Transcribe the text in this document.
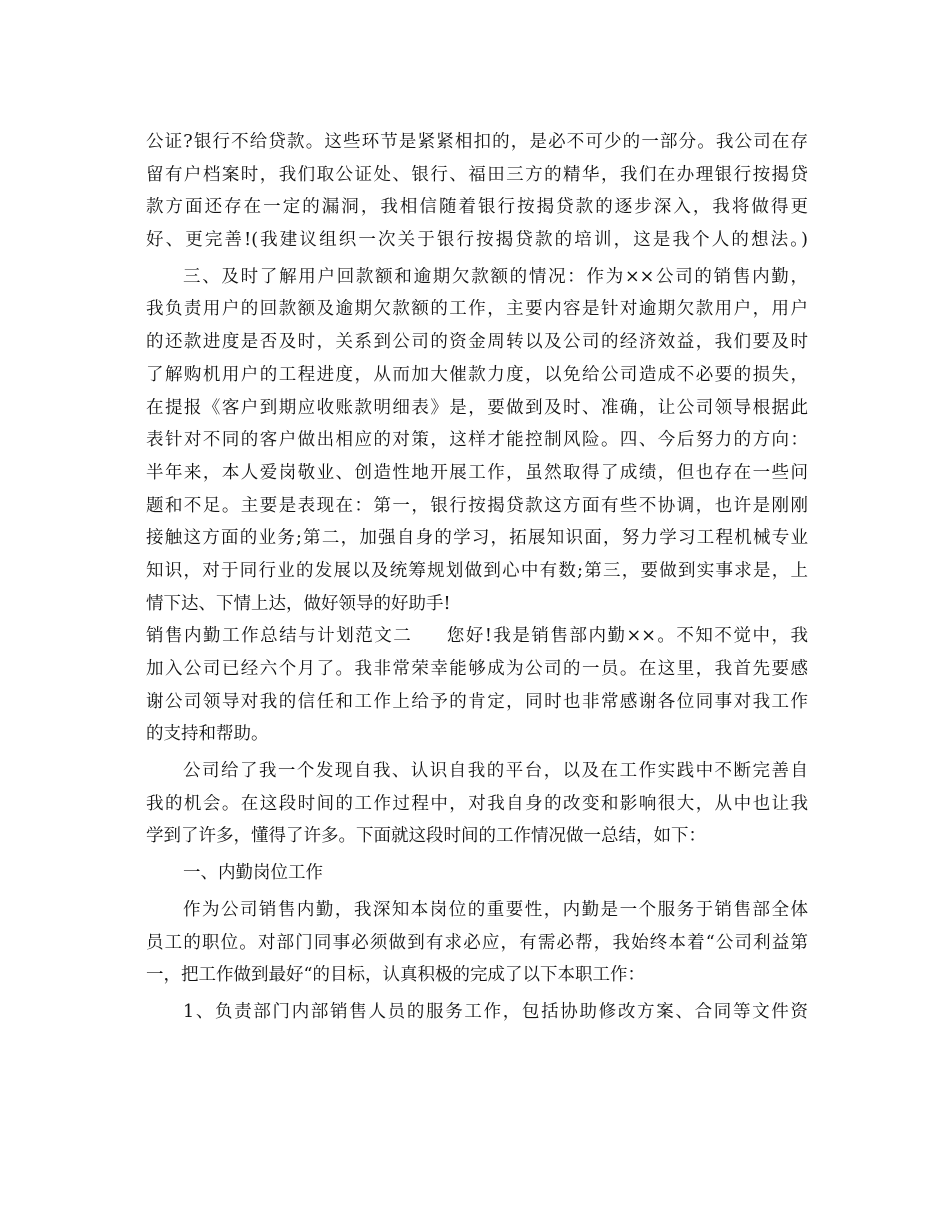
公证?银行不给贷款。这些环节是紧紧相扣的，是必不可少的一部分。我公司在存
留有户档案时，我们取公证处、银行、福田三方的精华，我们在办理银行按揭贷
款方面还存在一定的漏洞，我相信随着银行按揭贷款的逐步深入，我将做得更
好、更完善!(我建议组织一次关于银行按揭贷款的培训，这是我个人的想法。)
三、及时了解用户回款额和逾期欠款额的情况：作为××公司的销售内勤，
我负责用户的回款额及逾期欠款额的工作，主要内容是针对逾期欠款用户，用户
的还款进度是否及时，关系到公司的资金周转以及公司的经济效益，我们要及时
了解购机用户的工程进度，从而加大催款力度，以免给公司造成不必要的损失，
在提报《客户到期应收账款明细表》是，要做到及时、准确，让公司领导根据此
表针对不同的客户做出相应的对策，这样才能控制风险。四、今后努力的方向：
半年来，本人爱岗敬业、创造性地开展工作，虽然取得了成绩，但也存在一些问
题和不足。主要是表现在：第一，银行按揭贷款这方面有些不协调，也许是刚刚
接触这方面的业务;第二，加强自身的学习，拓展知识面，努力学习工程机械专业
知识，对于同行业的发展以及统筹规划做到心中有数;第三，要做到实事求是，上
情下达、下情上达，做好领导的好助手!
销售内勤工作总结与计划范文二 您好!我是销售部内勤××。不知不觉中，我
加入公司已经六个月了。我非常荣幸能够成为公司的一员。在这里，我首先要感
谢公司领导对我的信任和工作上给予的肯定，同时也非常感谢各位同事对我工作
的支持和帮助。
公司给了我一个发现自我、认识自我的平台，以及在工作实践中不断完善自
我的机会。在这段时间的工作过程中，对我自身的改变和影响很大，从中也让我
学到了许多，懂得了许多。下面就这段时间的工作情况做一总结，如下：
一、内勤岗位工作
作为公司销售内勤，我深知本岗位的重要性，内勤是一个服务于销售部全体
员工的职位。对部门同事必须做到有求必应，有需必帮，我始终本着“公司利益第
一，把工作做到最好“的目标，认真积极的完成了以下本职工作：
1、负责部门内部销售人员的服务工作，包括协助修改方案、合同等文件资
